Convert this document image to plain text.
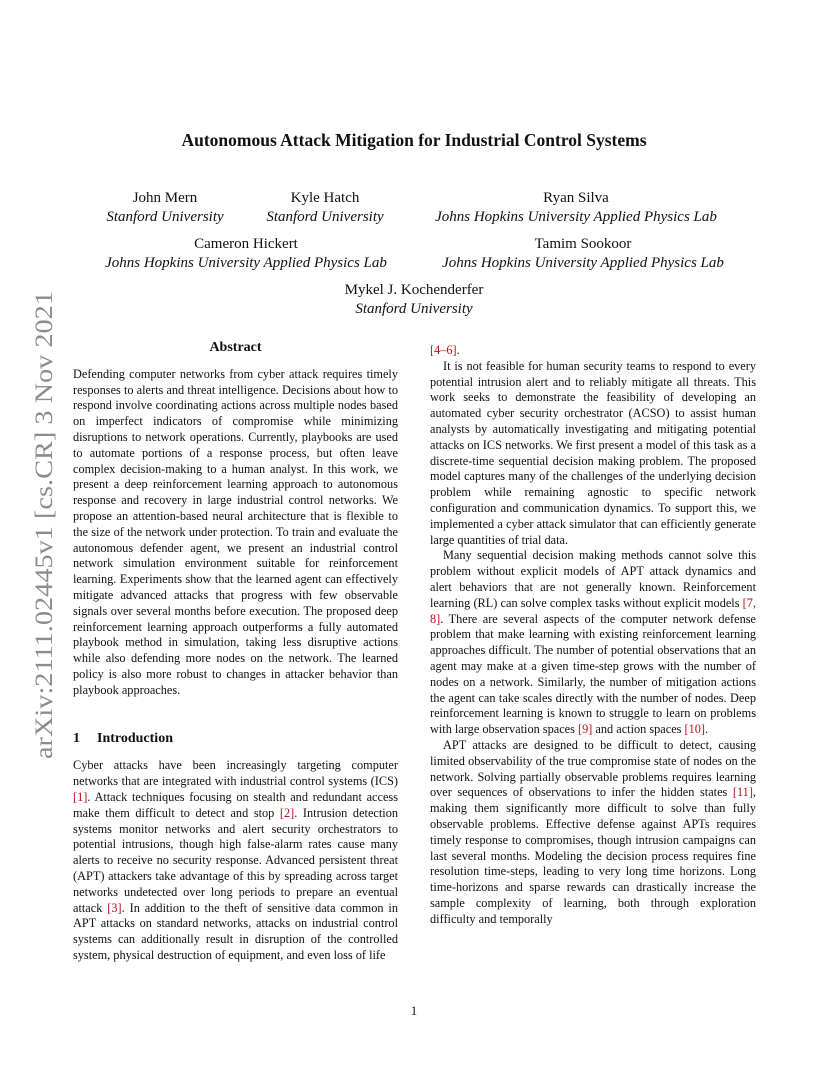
arXiv:2111.02445v1 [cs.CR] 3 Nov 2021
Autonomous Attack Mitigation for Industrial Control Systems
John Mern
Stanford University
Kyle Hatch
Stanford University
Ryan Silva
Johns Hopkins University Applied Physics Lab
Cameron Hickert
Johns Hopkins University Applied Physics Lab
Tamim Sookoor
Johns Hopkins University Applied Physics Lab
Mykel J. Kochenderfer
Stanford University

Abstract

Defending computer networks from cyber attack requires timely responses to alerts and threat intelligence. Decisions about how to respond involve coordinating actions across multiple nodes based on imperfect indicators of compromise while minimizing disruptions to network operations. Currently, playbooks are used to automate portions of a response process, but often leave complex decision-making to a human analyst. In this work, we present a deep reinforcement learning approach to autonomous response and recovery in large industrial control networks. We propose an attention-based neural architecture that is flexible to the size of the network under protection. To train and evaluate the autonomous defender agent, we present an industrial control network simulation environment suitable for reinforcement learning. Experiments show that the learned agent can effectively mitigate advanced attacks that progress with few observable signals over several months before execution. The proposed deep reinforcement learning approach outperforms a fully automated playbook method in simulation, taking less disruptive actions while also defending more nodes on the network. The learned policy is also more robust to changes in attacker behavior than playbook approaches.

1 Introduction

Cyber attacks have been increasingly targeting computer networks that are integrated with industrial control systems (ICS) [1]. Attack techniques focusing on stealth and redundant access make them difficult to detect and stop [2]. Intrusion detection systems monitor networks and alert security orchestrators to potential intrusions, though high false-alarm rates cause many alerts to receive no security response. Advanced persistent threat (APT) attackers take advantage of this by spreading across target networks undetected over long periods to prepare an eventual attack [3]. In addition to the theft of sensitive data common in APT attacks on standard networks, attacks on industrial control systems can additionally result in disruption of the controlled system, physical destruction of equipment, and even loss of life

[4–6].

It is not feasible for human security teams to respond to every potential intrusion alert and to reliably mitigate all threats. This work seeks to demonstrate the feasibility of developing an automated cyber security orchestrator (ACSO) to assist human analysts by automatically investigating and mitigating potential attacks on ICS networks. We first present a model of this task as a discrete-time sequential decision making problem. The proposed model captures many of the challenges of the underlying decision problem while remaining agnostic to specific network configuration and communication dynamics. To support this, we implemented a cyber attack simulator that can efficiently generate large quantities of trial data.

Many sequential decision making methods cannot solve this problem without explicit models of APT attack dynamics and alert behaviors that are not generally known. Reinforcement learning (RL) can solve complex tasks without explicit models [7, 8]. There are several aspects of the computer network defense problem that make learning with existing reinforcement learning approaches difficult. The number of potential observations that an agent may make at a given time-step grows with the number of nodes on a network. Similarly, the number of mitigation actions the agent can take scales directly with the number of nodes. Deep reinforcement learning is known to struggle to learn on problems with large observation spaces [9] and action spaces [10].

APT attacks are designed to be difficult to detect, causing limited observability of the true compromise state of nodes on the network. Solving partially observable problems requires learning over sequences of observations to infer the hidden states [11], making them significantly more difficult to solve than fully observable problems. Effective defense against APTs requires timely response to compromises, though intrusion campaigns can last several months. Modeling the decision process requires fine resolution time-steps, leading to very long time horizons. Long time-horizons and sparse rewards can drastically increase the sample complexity of learning, both through exploration difficulty and temporally

1
